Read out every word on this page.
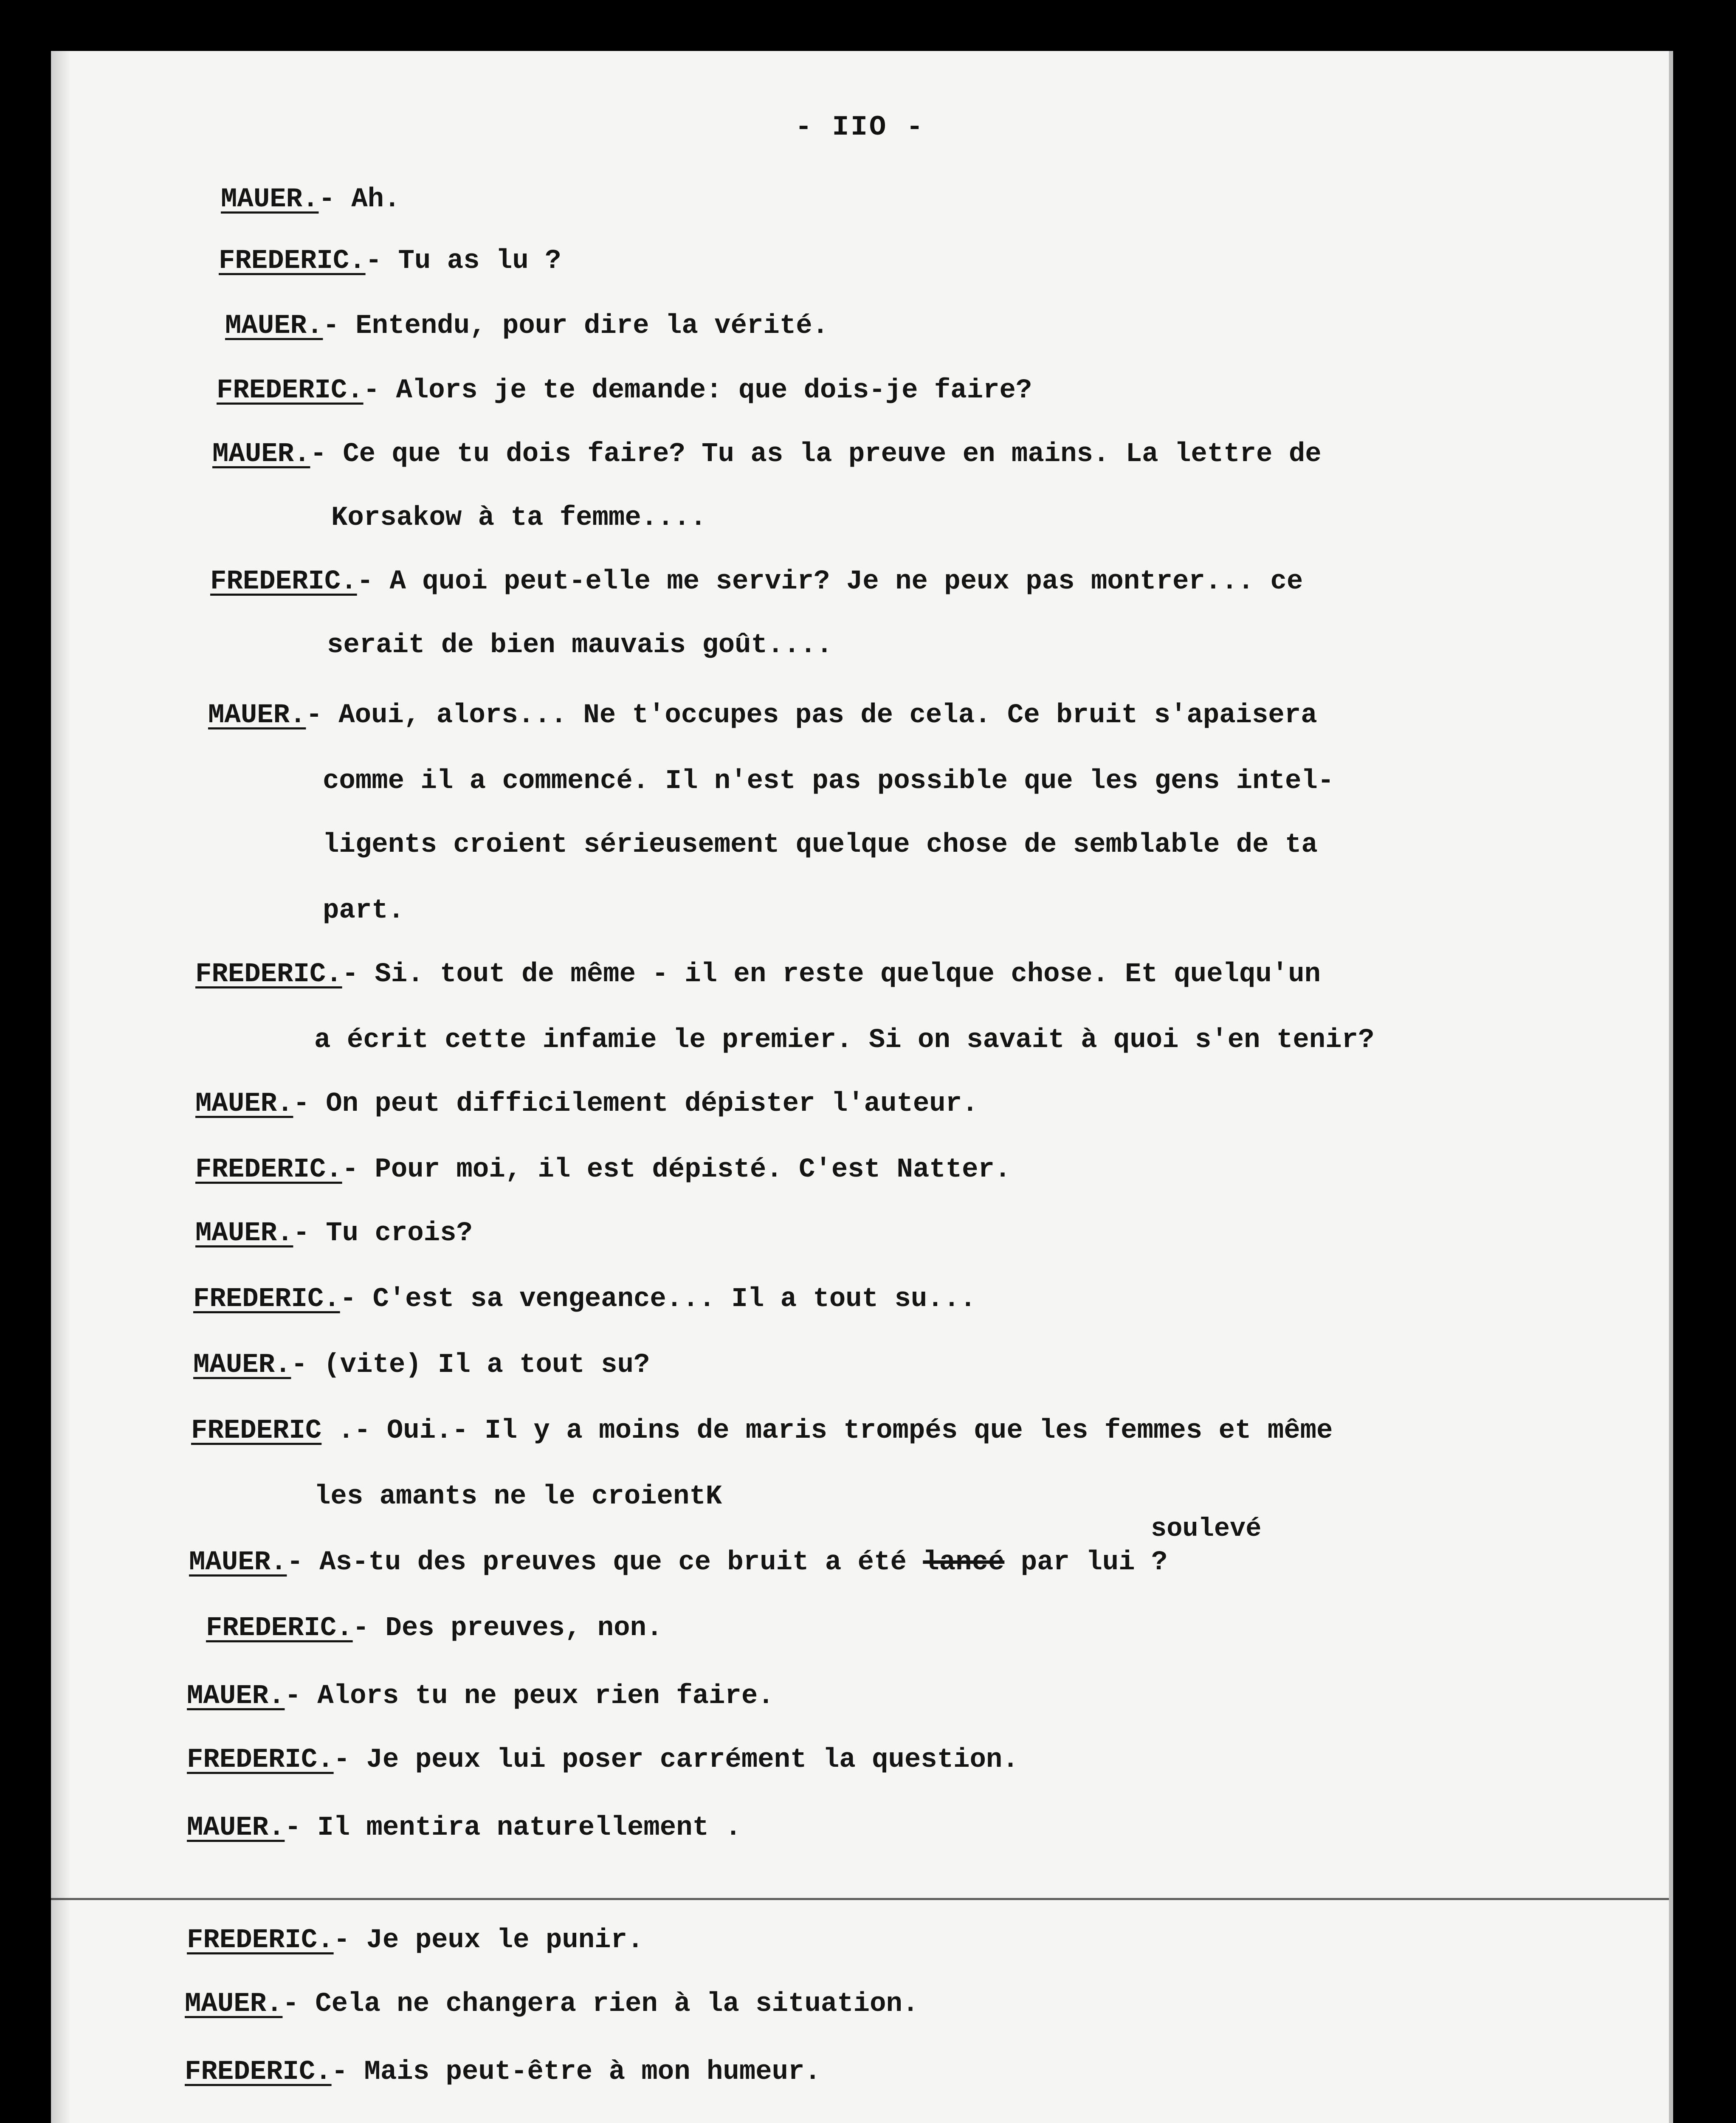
- IIO -
MAUER.- Ah.
FREDERIC.- Tu as lu ?
MAUER.- Entendu, pour dire la vérité.
FREDERIC.- Alors je te demande: que dois-je faire?
MAUER.- Ce que tu dois faire? Tu as la preuve en mains. La lettre de
Korsakow à ta femme....
FREDERIC.- A quoi peut-elle me servir? Je ne peux pas montrer... ce
serait de bien mauvais goût....
MAUER.- Aoui, alors... Ne t'occupes pas de cela. Ce bruit s'apaisera
comme il a commencé. Il n'est pas possible que les gens intel-
ligents croient sérieusement quelque chose de semblable de ta
part.
FREDERIC.- Si. tout de même - il en reste quelque chose. Et quelqu'un
a écrit cette infamie le premier. Si on savait à quoi s'en tenir?
MAUER.- On peut difficilement dépister l'auteur.
FREDERIC.- Pour moi, il est dépisté. C'est Natter.
MAUER.- Tu crois?
FREDERIC.- C'est sa vengeance... Il a tout su...
MAUER.- (vite) Il a tout su?
FREDERIC .- Oui.- Il y a moins de maris trompés que les femmes et même
les amants ne le croientK
soulevé
MAUER.- As-tu des preuves que ce bruit a été lancé par lui ?
FREDERIC.- Des preuves, non.
MAUER.- Alors tu ne peux rien faire.
FREDERIC.- Je peux lui poser carrément la question.
MAUER.- Il mentira naturellement .
FREDERIC.- Je peux le punir.
MAUER.- Cela ne changera rien à la situation.
FREDERIC.- Mais peut-être à mon humeur.
